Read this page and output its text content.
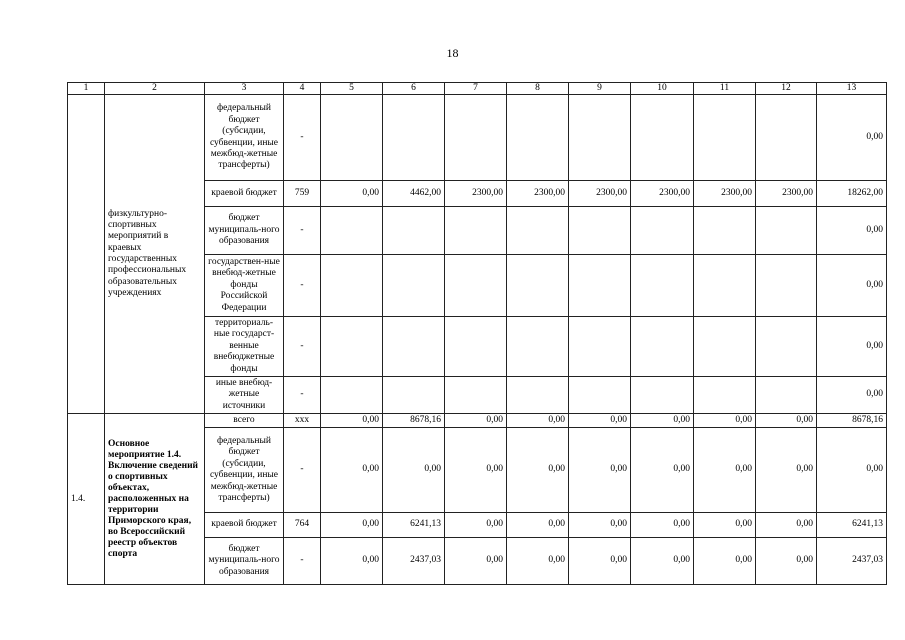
18
1	2	3	4	5	6	7	8	9	10	11	12	13
	физкультурно-спортивных мероприятий в краевых государственных профессиональных образовательных учреждениях	федеральный бюджет (субсидии, субвенции, иные межбюд-жетные трансферты)	-									0,00
		краевой бюджет	759	0,00	4462,00	2300,00	2300,00	2300,00	2300,00	2300,00	2300,00	18262,00
		бюджет муниципаль-ного образования	-									0,00
		государствен-ные внебюд-жетные фонды Российской Федерации	-									0,00
		территориаль-ные государст-венные внебюджетные фонды	-									0,00
		иные внебюд-жетные источники	-									0,00
1.4.	Основное мероприятие 1.4. Включение сведений о спортивных объектах, расположенных на территории Приморского края, во Всероссийский реестр объектов спорта	всего	ххх	0,00	8678,16	0,00	0,00	0,00	0,00	0,00	0,00	8678,16
		федеральный бюджет (субсидии, субвенции, иные межбюд-жетные трансферты)	-	0,00	0,00	0,00	0,00	0,00	0,00	0,00	0,00	0,00
		краевой бюджет	764	0,00	6241,13	0,00	0,00	0,00	0,00	0,00	0,00	6241,13
		бюджет муниципаль-ного образования	-	0,00	2437,03	0,00	0,00	0,00	0,00	0,00	0,00	2437,03
